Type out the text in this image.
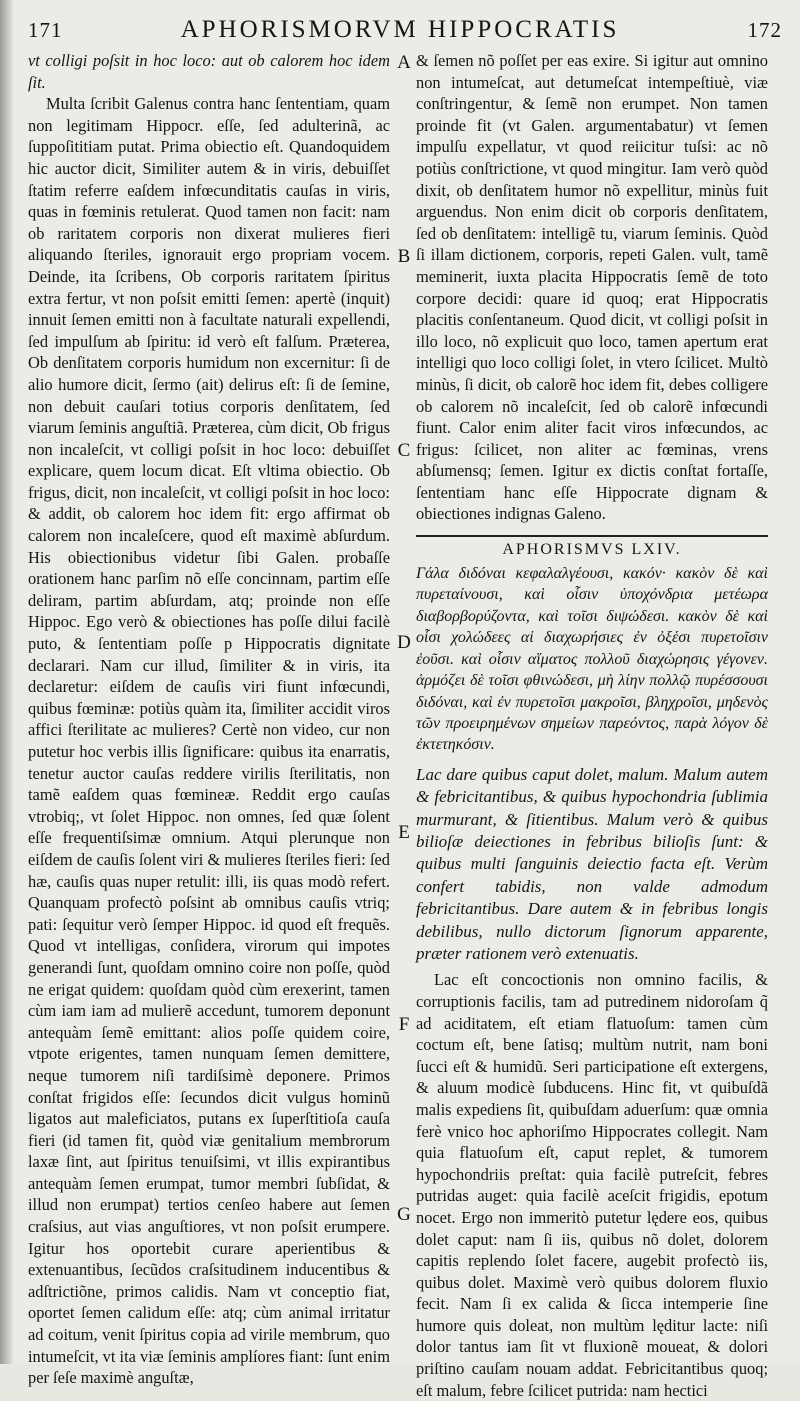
171	APHORISMORVM HIPPOCRATIS	172

vt colligi poſsit in hoc loco: aut ob calorem hoc idem ſit.

Multa ſcribit Galenus contra hanc ſententiam, quam non legitimam Hippocr. eſſe, ſed adulterinã, ac ſuppoſititiam putat. Prima obiectio eſt. Quandoquidem hic auctor dicit, Similiter autem & in viris, debuiſſet ſtatim referre eaſdem infœcunditatis cauſas in viris, quas in fœminis retulerat. Quod tamen non facit: nam ob raritatem corporis non dixerat mulieres fieri aliquando ſteriles, ignorauit ergo propriam vocem. Deinde, ita ſcribens, Ob corporis raritatem ſpiritus extra fertur, vt non poſsit emitti ſemen: apertè (inquit) innuit ſemen emitti non à facultate naturali expellendi, ſed impulſum ab ſpiritu: id verò eſt falſum. Præterea, Ob denſitatem corporis humidum non excernitur: ſi de alio humore dicit, ſermo (ait) delirus eſt: ſi de ſemine, non debuit cauſari totius corporis denſitatem, ſed viarum ſeminis anguſtiã. Præterea, cùm dicit, Ob frigus non incaleſcit, vt colligi poſsit in hoc loco: debuiſſet explicare, quem locum dicat. Eſt vltima obiectio. Ob frigus, dicit, non incaleſcit, vt colligi poſsit in hoc loco: & addit, ob calorem hoc idem fit: ergo affirmat ob calorem non incaleſcere, quod eſt maximè abſurdum. His obiectionibus videtur ſibi Galen. probaſſe orationem hanc parſim nõ eſſe concinnam, partim eſſe deliram, partim abſurdam, atq; proinde non eſſe Hippoc. Ego verò & obiectiones has poſſe dilui facilè puto, & ſententiam poſſe p Hippocratis dignitate declarari. Nam cur illud, ſimiliter & in viris, ita declaretur: eiſdem de cauſis viri fiunt infœcundi, quibus fœminæ: potiùs quàm ita, ſimiliter accidit viros affici ſterilitate ac mulieres? Certè non video, cur non putetur hoc verbis illis ſignificare: quibus ita enarratis, tenetur auctor cauſas reddere virilis ſterilitatis, non tamẽ eaſdem quas fœmineæ. Reddit ergo cauſas vtrobiq;, vt ſolet Hippoc. non omnes, ſed quæ ſolent eſſe frequentiſsimæ omnium. Atqui plerunque non eiſdem de cauſis ſolent viri & mulieres ſteriles fieri: ſed hæ, cauſis quas nuper retulit: illi, iis quas modò refert. Quanquam profectò poſsint ab omnibus cauſis vtriq; pati: ſequitur verò ſemper Hippoc. id quod eſt frequẽs. Quod vt intelligas, conſidera, virorum qui impotes generandi ſunt, quoſdam omnino coire non poſſe, quòd ne erigat quidem: quoſdam quòd cùm erexerint, tamen cùm iam iam ad mulierẽ accedunt, tumorem deponunt antequàm ſemẽ emittant: alios poſſe quidem coire, vtpote erigentes, tamen nunquam ſemen demittere, neque tumorem niſi tardiſsimè deponere. Primos conſtat frigidos eſſe: ſecundos dicit vulgus hominũ ligatos aut maleficiatos, putans ex ſuperſtitioſa cauſa fieri (id tamen fit, quòd viæ genitalium membrorum laxæ ſint, aut ſpiritus tenuiſsimi, vt illis expirantibus antequàm ſemen erumpat, tumor membri ſubſidat, & illud non erumpat) tertios cenſeo habere aut ſemen craſsius, aut vias anguſtiores, vt non poſsit erumpere. Igitur hos oportebit curare aperientibus & extenuantibus, ſecũdos craſsitudinem inducentibus & adſtrictiõne, primos calidis. Nam vt conceptio fiat, oportet ſemen calidum eſſe: atq; cùm animal irritatur ad coitum, venit ſpiritus copia ad virile membrum, quo intumeſcit, vt ita viæ ſeminis amplíores fiant: ſunt enim per ſeſe maximè anguſtæ,

A
B
C
D
E
F
G

& ſemen nõ poſſet per eas exire. Si igitur aut omnino non intumeſcat, aut detumeſcat intempeſtiuè, viæ conſtringentur, & ſemẽ non erumpet. Non tamen proinde fit (vt Galen. argumentabatur) vt ſemen impulſu expellatur, vt quod reiicitur tuſsi: ac nõ potiùs conſtrictione, vt quod mingitur. Iam verò quòd dixit, ob denſitatem humor nõ expellitur, minùs fuit arguendus. Non enim dicit ob corporis denſitatem, ſed ob denſitatem: intelligẽ tu, viarum ſeminis. Quòd ſi illam dictionem, corporis, repeti Galen. vult, tamẽ meminerit, iuxta placita Hippocratis ſemẽ de toto corpore decidi: quare id quoq; erat Hippocratis placitis conſentaneum. Quod dicit, vt colligi poſsit in illo loco, nõ explicuit quo loco, tamen apertum erat intelligi quo loco colligi ſolet, in vtero ſcilicet. Multò minùs, ſi dicit, ob calorẽ hoc idem fit, debes colligere ob calorem nõ incaleſcit, ſed ob calorẽ infœcundi fiunt. Calor enim aliter facit viros infœcundos, ac frigus: ſcilicet, non aliter ac fœminas, vrens abſumensq; ſemen. Igitur ex dictis conſtat fortaſſe, ſententiam hanc eſſe Hippocrate dignam & obiectiones indignas Galeno.

APHORISMVS LXIV.

Γάλα διδόναι κεφαλαλγέουσι, κακόν· κακὸν δὲ καὶ πυρεταίνουσι, καὶ οἷσιν ὑποχόνδρια μετέωρα διαβορβορύζοντα, καὶ τοῖσι διψώδεσι. κακὸν δὲ καὶ οἷσι χολώδεες αἱ διαχωρήσιες ἐν ὀξέσι πυρετοῖσιν ἐοῦσι. καὶ οἷσιν αἵματος πολλοῦ διαχώρησις γέγονεν. ἁρμόζει δὲ τοῖσι φθινώδεσι, μὴ λίην πολλῷ πυρέσσουσι διδόναι, καὶ ἐν πυρετοῖσι μακροῖσι, βληχροῖσι, μηδενὸς τῶν προειρημένων σημείων παρεόντος, παρὰ λόγον δὲ ἐκτετηκόσιν.

Lac dare quibus caput dolet, malum. Malum autem & febricitantibus, & quibus hypochondria ſublimia murmurant, & ſitientibus. Malum verò & quibus bilioſæ deiectiones in febribus bilioſis ſunt: & quibus multi ſanguinis deiectio facta eſt. Verùm confert tabidis, non valde admodum febricitantibus. Dare autem & in febribus longis debilibus, nullo dictorum ſignorum apparente, præter rationem verò extenuatis.

Lac eſt concoctionis non omnino facilis, & corruptionis facilis, tam ad putredinem nidoroſam q̃ ad aciditatem, eſt etiam flatuoſum: tamen cùm coctum eſt, bene ſatisq; multùm nutrit, nam boni ſucci eſt & humidũ. Seri participatione eſt extergens, & aluum modicè ſubducens. Hinc fit, vt quibuſdã malis expediens ſit, quibuſdam aduerſum: quæ omnia ferè vnico hoc aphoriſmo Hippocrates collegit. Nam quia flatuoſum eſt, caput replet, & tumorem hypochondriis preſtat: quia facilè putreſcit, febres putridas auget: quia facilè aceſcit frigidis, epotum nocet. Ergo non immeritò putetur lędere eos, quibus dolet caput: nam ſi iis, quibus nõ dolet, dolorem capitis replendo ſolet facere, augebit profectò iis, quibus dolet. Maximè verò quibus dolorem fluxio fecit. Nam ſi ex calida & ſicca intemperie ſine humore quis doleat, non multùm lęditur lacte: niſi dolor tantus iam ſit vt fluxionẽ moueat, & dolori priſtino cauſam nouam addat. Febricitantibus quoq; eſt malum, febre ſcilicet putrida: nam hectici
